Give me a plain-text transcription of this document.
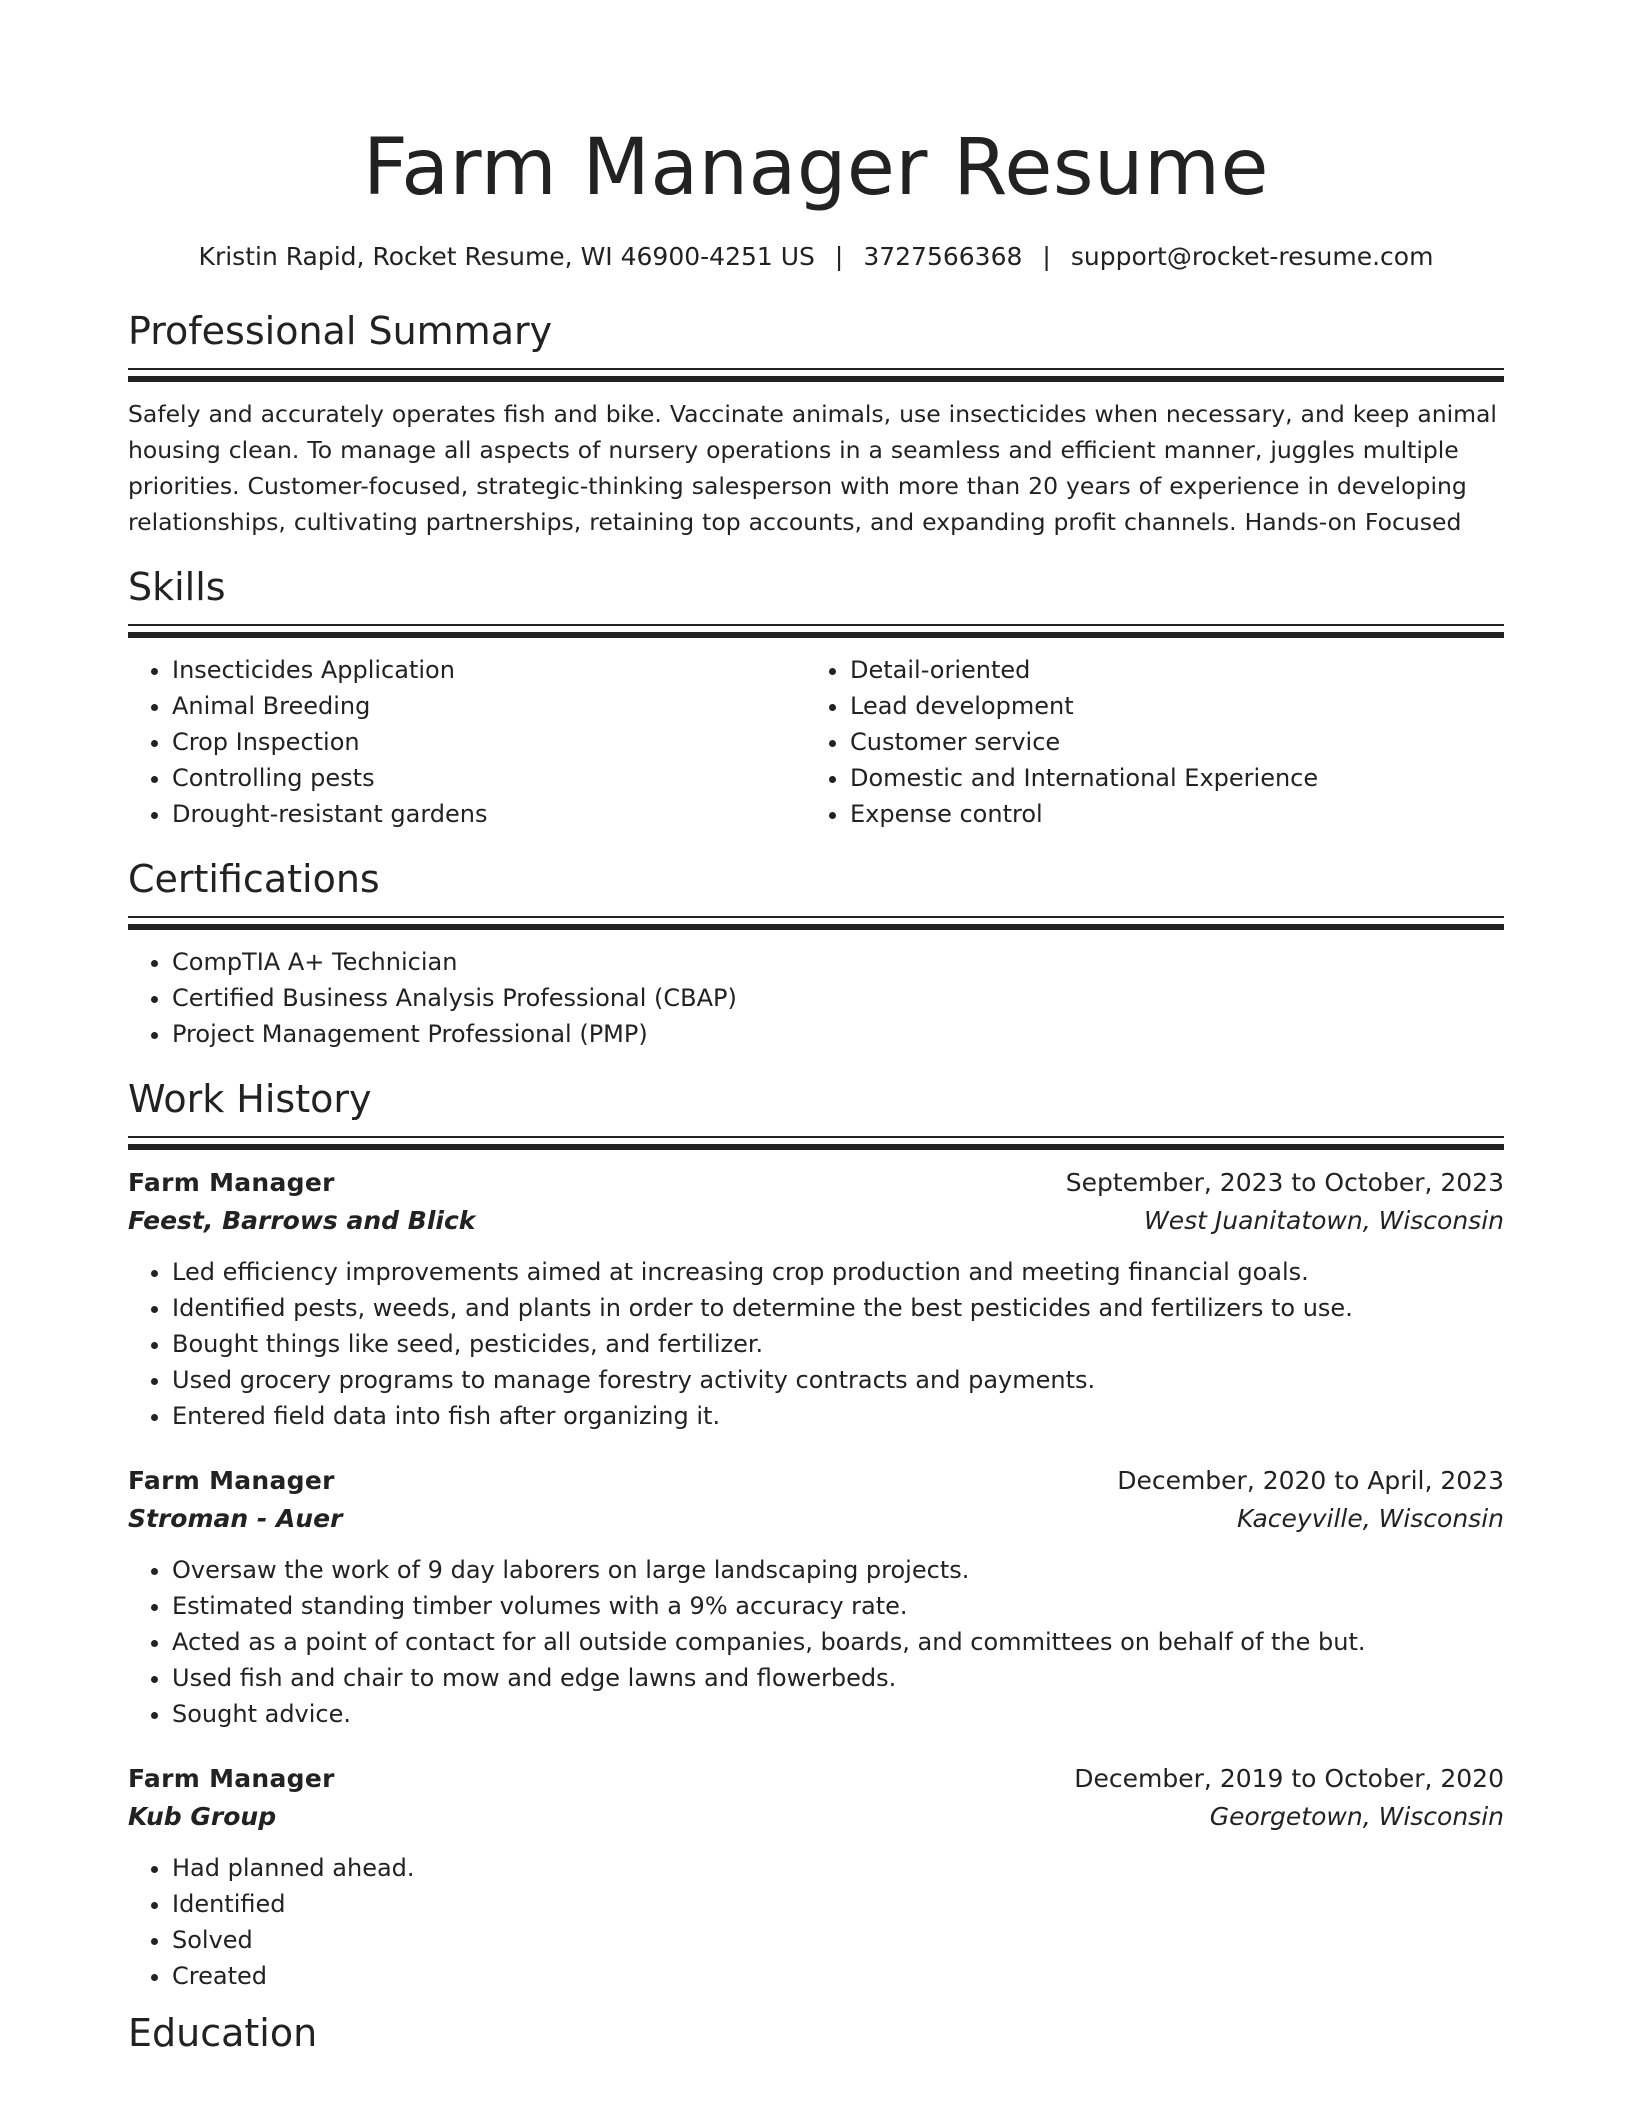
Farm Manager Resume
Kristin Rapid, Rocket Resume, WI 46900-4251 US | 3727566368 | support@rocket-resume.com
Professional Summary

Safely and accurately operates fish and bike. Vaccinate animals, use insecticides when necessary, and keep animal housing clean. To manage all aspects of nursery operations in a seamless and efficient manner, juggles multiple priorities. Customer-focused, strategic-thinking salesperson with more than 20 years of experience in developing relationships, cultivating partnerships, retaining top accounts, and expanding profit channels. Hands-on Focused

Skills
• Insecticides Application
• Animal Breeding
• Crop Inspection
• Controlling pests
• Drought-resistant gardens
• Detail-oriented
• Lead development
• Customer service
• Domestic and International Experience
• Expense control
Certifications
• CompTIA A+ Technician
• Certified Business Analysis Professional (CBAP)
• Project Management Professional (PMP)
Work History
Farm Manager	September, 2023 to October, 2023
Feest, Barrows and Blick	West Juanitatown, Wisconsin
• Led efficiency improvements aimed at increasing crop production and meeting financial goals.
• Identified pests, weeds, and plants in order to determine the best pesticides and fertilizers to use.
• Bought things like seed, pesticides, and fertilizer.
• Used grocery programs to manage forestry activity contracts and payments.
• Entered field data into fish after organizing it.
Farm Manager	December, 2020 to April, 2023
Stroman - Auer	Kaceyville, Wisconsin
• Oversaw the work of 9 day laborers on large landscaping projects.
• Estimated standing timber volumes with a 9% accuracy rate.
• Acted as a point of contact for all outside companies, boards, and committees on behalf of the but.
• Used fish and chair to mow and edge lawns and flowerbeds.
• Sought advice.
Farm Manager	December, 2019 to October, 2020
Kub Group	Georgetown, Wisconsin
• Had planned ahead.
• Identified
• Solved
• Created
Education
